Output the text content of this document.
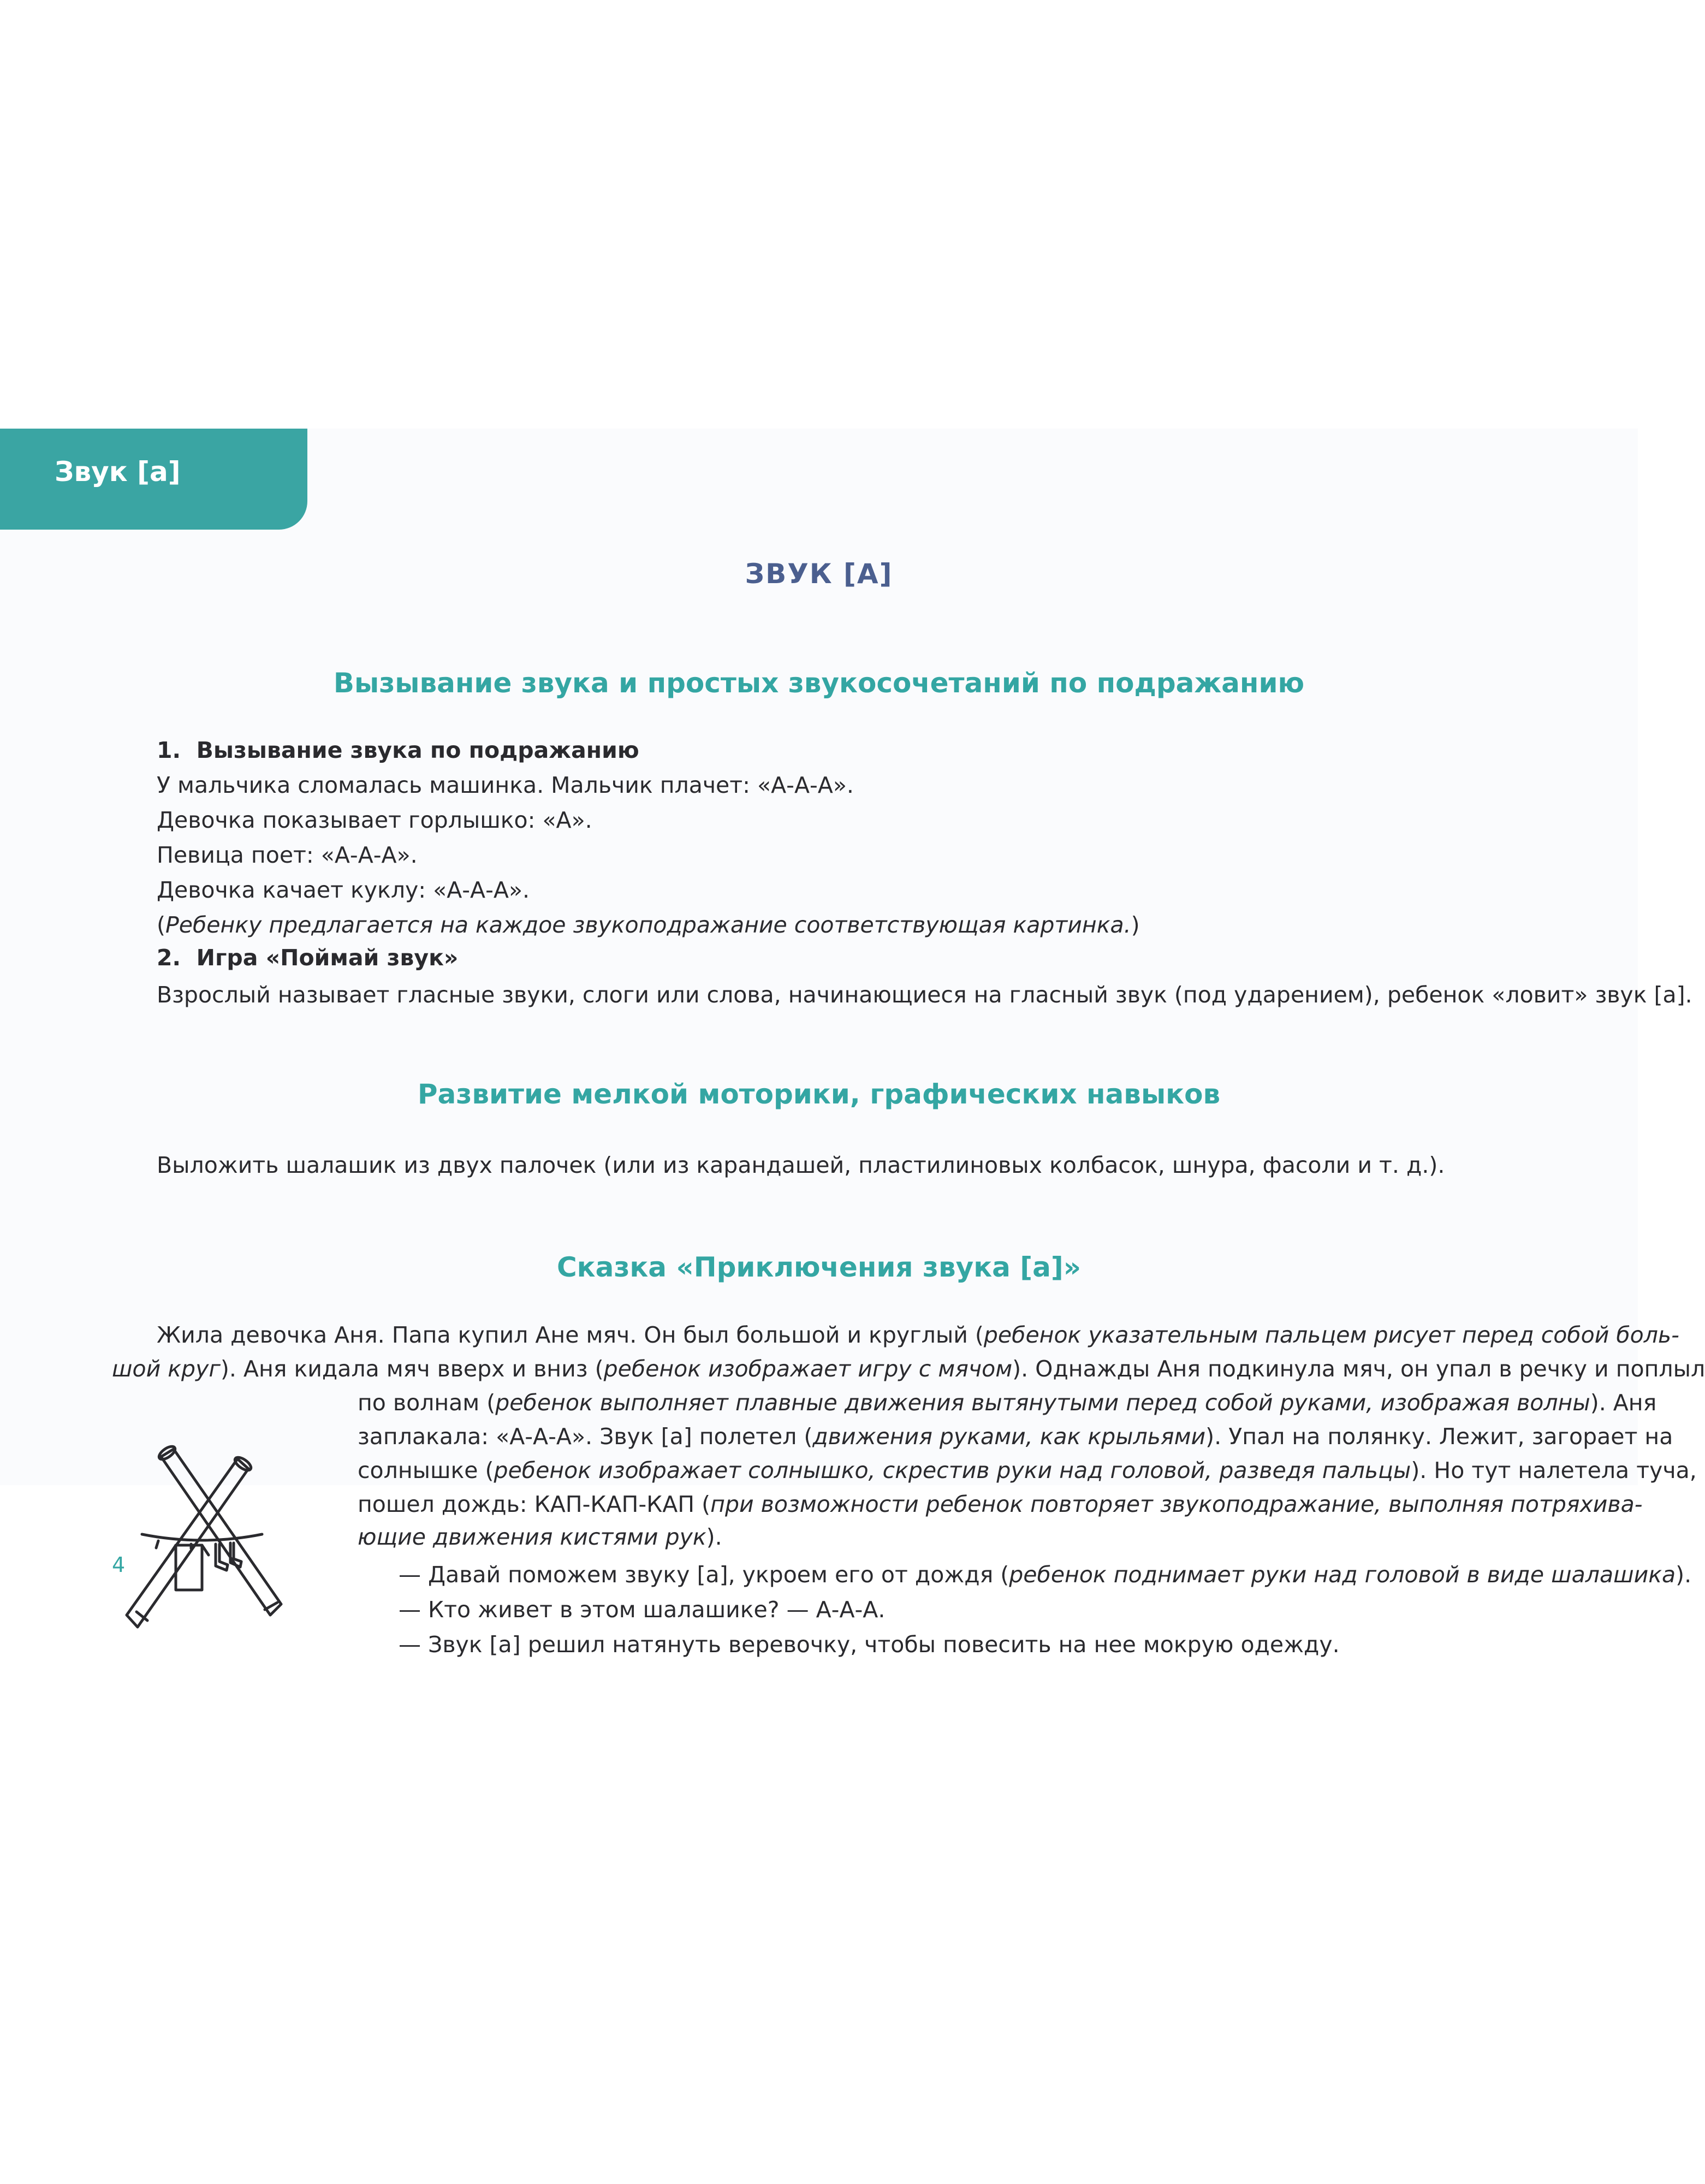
Звук [а]
ЗВУК [А]
Вызывание звука и простых звукосочетаний по подражанию
1. Вызывание звука по подражанию
У мальчика сломалась машинка. Мальчик плачет: «А-А-А».
Девочка показывает горлышко: «А».
Певица поет: «А-А-А».
Девочка качает куклу: «А-А-А».
(Ребенку предлагается на каждое звукоподражание соответствующая картинка.)
2. Игра «Поймай звук»
Взрослый называет гласные звуки, слоги или слова, начинающиеся на гласный звук (под ударением), ребенок «ловит» звук [а].
Развитие мелкой моторики, графических навыков
Выложить шалашик из двух палочек (или из карандашей, пластилиновых колбасок, шнура, фасоли и т. д.).
Сказка «Приключения звука [а]»
Жила девочка Аня. Папа купил Ане мяч. Он был большой и круглый (ребенок указательным пальцем рисует перед собой боль-
шой круг). Аня кидала мяч вверх и вниз (ребенок изображает игру с мячом). Однажды Аня подкинула мяч, он упал в речку и поплыл
по волнам (ребенок выполняет плавные движения вытянутыми перед собой руками, изображая волны). Аня
заплакала: «А-А-А». Звук [а] полетел (движения руками, как крыльями). Упал на полянку. Лежит, загорает на
солнышке (ребенок изображает солнышко, скрестив руки над головой, разведя пальцы). Но тут налетела туча,
пошел дождь: КАП-КАП-КАП (при возможности ребенок повторяет звукоподражание, выполняя потряхива-
ющие движения кистями рук).
— Давай поможем звуку [а], укроем его от дождя (ребенок поднимает руки над головой в виде шалашика).
— Кто живет в этом шалашике? — А-А-А.
— Звук [а] решил натянуть веревочку, чтобы повесить на нее мокрую одежду.
4
